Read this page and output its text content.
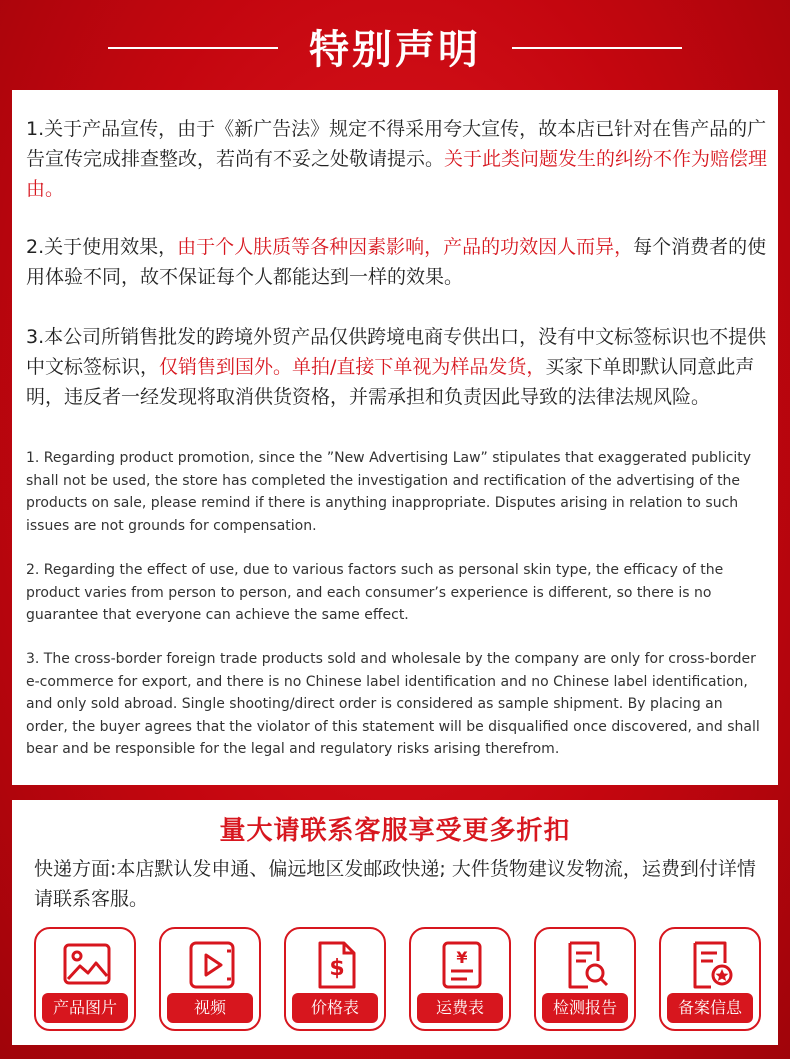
特别声明
1.关于产品宣传，由于《新广告法》规定不得采用夸大宣传，故本店已针对在售产品的广告宣传完成排查整改，若尚有不妥之处敬请提示。关于此类问题发生的纠纷不作为赔偿理由。
2.关于使用效果，由于个人肤质等各种因素影响，产品的功效因人而异，每个消费者的使用体验不同，故不保证每个人都能达到一样的效果。
3.本公司所销售批发的跨境外贸产品仅供跨境电商专供出口，没有中文标签标识也不提供中文标签标识，仅销售到国外。单拍/直接下单视为样品发货，买家下单即默认同意此声明，违反者一经发现将取消供货资格，并需承担和负责因此导致的法律法规风险。
1. Regarding product promotion, since the ”New Advertising Law” stipulates that exaggerated publicity shall not be used, the store has completed the investigation and rectification of the advertising of the products on sale, please remind if there is anything inappropriate. Disputes arising in relation to such issues are not grounds for compensation.
2. Regarding the effect of use, due to various factors such as personal skin type, the efficacy of the product varies from person to person, and each consumer’s experience is different, so there is no guarantee that everyone can achieve the same effect.
3. The cross-border foreign trade products sold and wholesale by the company are only for cross-border e-commerce for export, and there is no Chinese label identification and no Chinese label identification, and only sold abroad. Single shooting/direct order is considered as sample shipment. By placing an order, the buyer agrees that the violator of this statement will be disqualified once discovered, and shall bear and be responsible for the legal and regulatory risks arising therefrom.
量大请联系客服享受更多折扣
快递方面:本店默认发申通、偏远地区发邮政快递; 大件货物建议发物流，运费到付详情请联系客服。
产品图片	视频
$
价格表
¥
运费表	检测报告	备案信息
